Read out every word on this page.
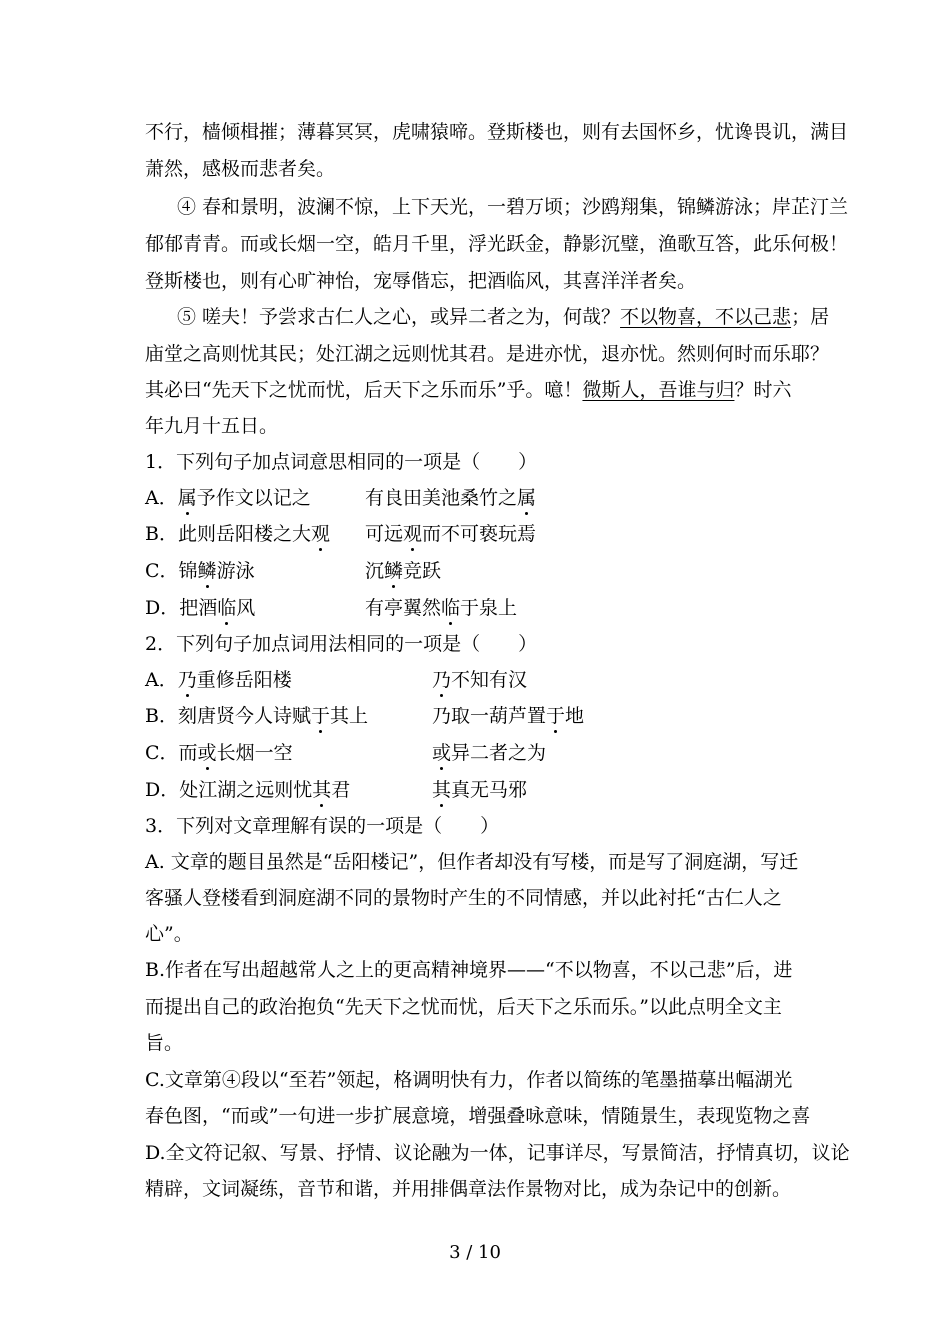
不行，樯倾楫摧；薄暮冥冥，虎啸猿啼。登斯楼也，则有去国怀乡，忧谗畏讥，满目
萧然，感极而悲者矣。
④ 春和景明，波澜不惊，上下天光，一碧万顷；沙鸥翔集，锦鳞游泳；岸芷汀兰
郁郁青青。而或长烟一空，皓月千里，浮光跃金，静影沉璧，渔歌互答，此乐何极！
登斯楼也，则有心旷神怡，宠辱偕忘，把酒临风，其喜洋洋者矣。
⑤ 嗟夫！予尝求古仁人之心，或异二者之为，何哉？不以物喜，不以己悲；居
庙堂之高则忧其民；处江湖之远则忧其君。是进亦忧，退亦忧。然则何时而乐耶？
其必曰“先天下之忧而忧，后天下之乐而乐”乎。噫！微斯人，吾谁与归？时六
年九月十五日。
1．下列句子加点词意思相同的一项是（　　）
A．属予作文以记之	有良田美池桑竹之属
B．此则岳阳楼之大观 可远观而不可亵玩焉
C．锦鳞游泳	沉鳞竞跃
D．把酒临风	有亭翼然临于泉上
2．下列句子加点词用法相同的一项是（　　）
A．乃重修岳阳楼	乃不知有汉
B．刻唐贤今人诗赋于其上	乃取一葫芦置于地
C．而或长烟一空	或异二者之为
D．处江湖之远则忧其君	其真无马邪
3．下列对文章理解有误的一项是（　　）
A. 文章的题目虽然是“岳阳楼记”，但作者却没有写楼，而是写了洞庭湖，写迁
客骚人登楼看到洞庭湖不同的景物时产生的不同情感，并以此衬托“古仁人之
心”。
B.作者在写出超越常人之上的更高精神境界——“不以物喜，不以己悲”后，进
而提出自己的政治抱负“先天下之忧而忧，后天下之乐而乐。”以此点明全文主
旨。
C.文章第④段以“至若”领起，格调明快有力，作者以简练的笔墨描摹出幅湖光
春色图，“而或”一句进一步扩展意境，增强叠咏意味，情随景生，表现览物之喜
D.全文符记叙、写景、抒情、议论融为一体，记事详尽，写景简洁，抒情真切，议论
精辟，文词凝练，音节和谐，并用排偶章法作景物对比，成为杂记中的创新。
3 / 10
